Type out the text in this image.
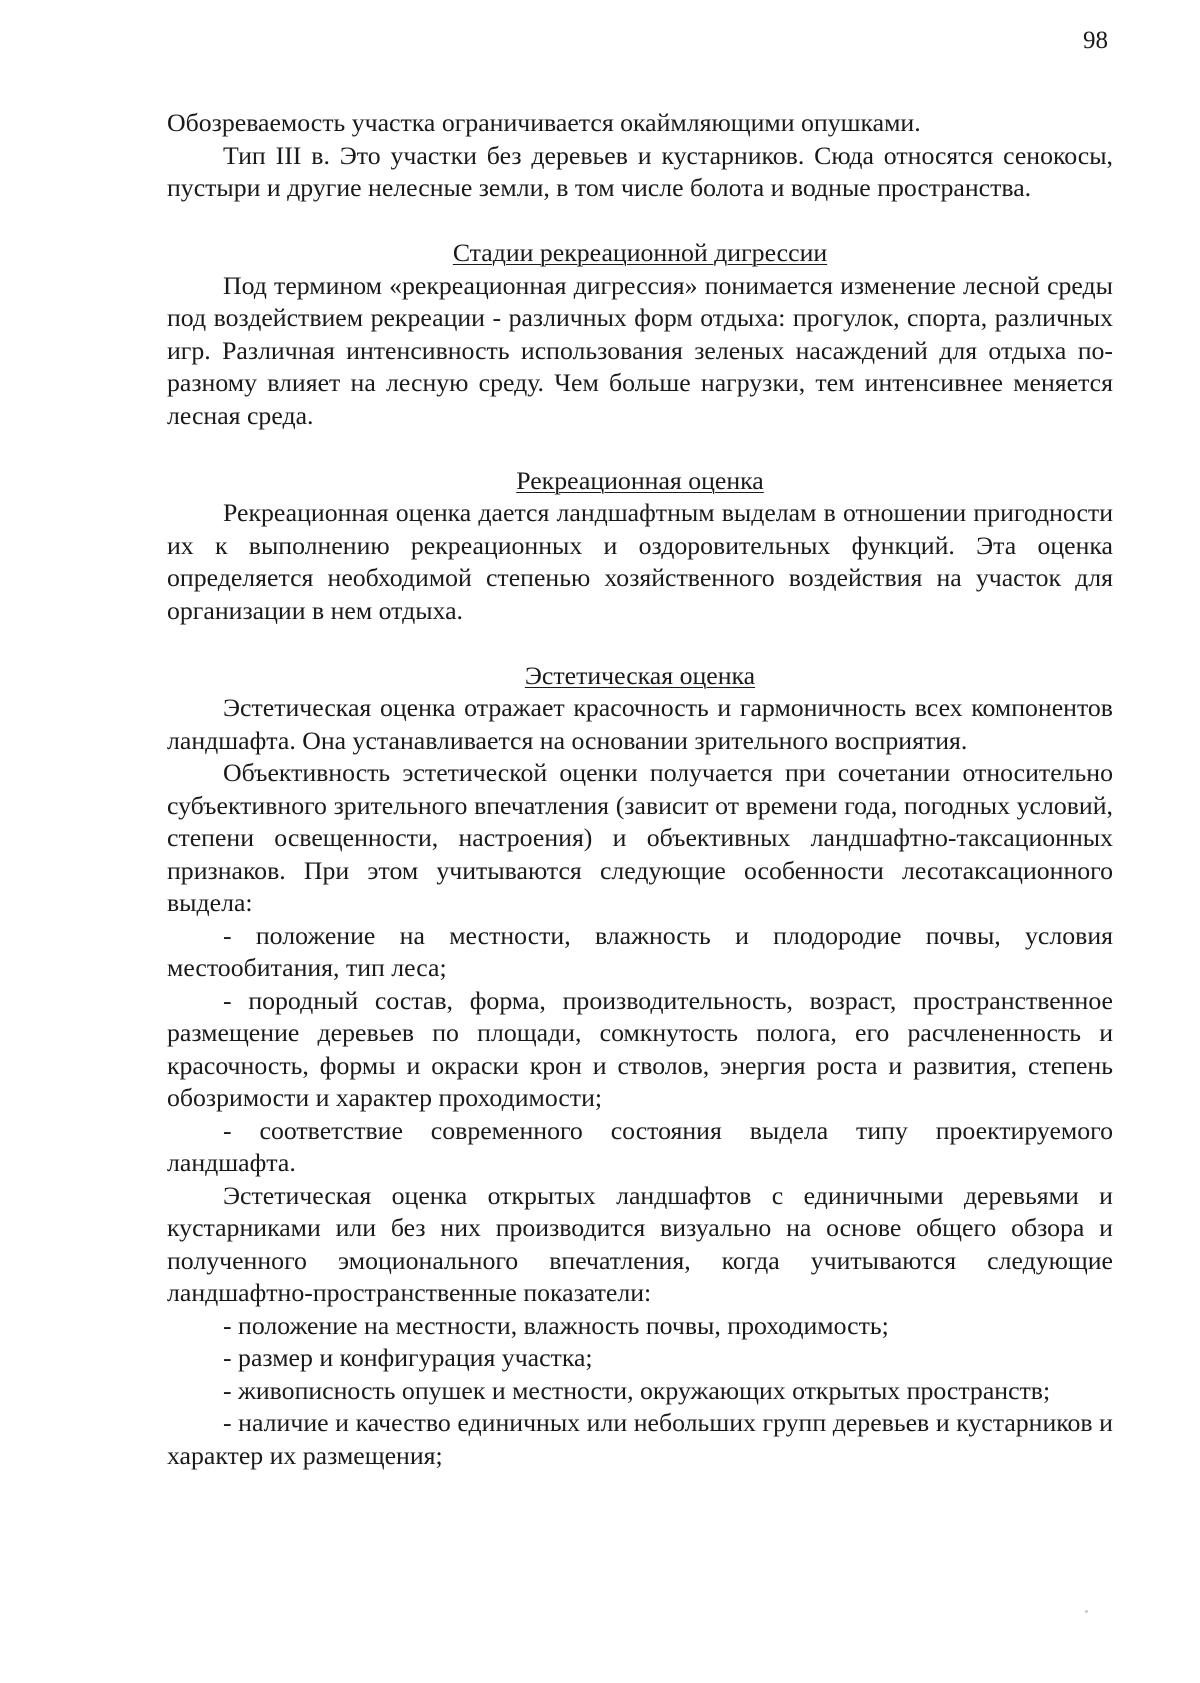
98

Обозреваемость участка ограничивается окаймляющими опушками.

Тип III в. Это участки без деревьев и кустарников. Сюда относятся сенокосы, пустыри и другие нелесные земли, в том числе болота и водные пространства.

Стадии рекреационной дигрессии

Под термином «рекреационная дигрессия» понимается изменение лесной среды под воздействием рекреации - различных форм отдыха: прогулок, спорта, различных игр. Различная интенсивность использования зеленых насаждений для отдыха по-разному влияет на лесную среду. Чем больше нагрузки, тем интенсивнее меняется лесная среда.

Рекреационная оценка

Рекреационная оценка дается ландшафтным выделам в отношении пригодности их к выполнению рекреационных и оздоровительных функций. Эта оценка определяется необходимой степенью хозяйственного воздействия на участок для организации в нем отдыха.

Эстетическая оценка

Эстетическая оценка отражает красочность и гармоничность всех компонентов ландшафта. Она устанавливается на основании зрительного восприятия.

Объективность эстетической оценки получается при сочетании относительно субъективного зрительного впечатления (зависит от времени года, погодных условий, степени освещенности, настроения) и объективных ландшафтно-таксационных признаков. При этом учитываются следующие особенности лесотаксационного выдела:

- положение на местности, влажность и плодородие почвы, условия местообитания, тип леса;

- породный состав, форма, производительность, возраст, пространственное размещение деревьев по площади, сомкнутость полога, его расчлененность и красочность, формы и окраски крон и стволов, энергия роста и развития, степень обозримости и характер проходимости;

- соответствие современного состояния выдела типу проектируемого ландшафта.

Эстетическая оценка открытых ландшафтов с единичными деревьями и кустарниками или без них производится визуально на основе общего обзора и полученного эмоционального впечатления, когда учитываются следующие ландшафтно-пространственные показатели:

- положение на местности, влажность почвы, проходимость;

- размер и конфигурация участка;

- живописность опушек и местности, окружающих открытых пространств;

- наличие и качество единичных или небольших групп деревьев и кустарников и характер их размещения;
